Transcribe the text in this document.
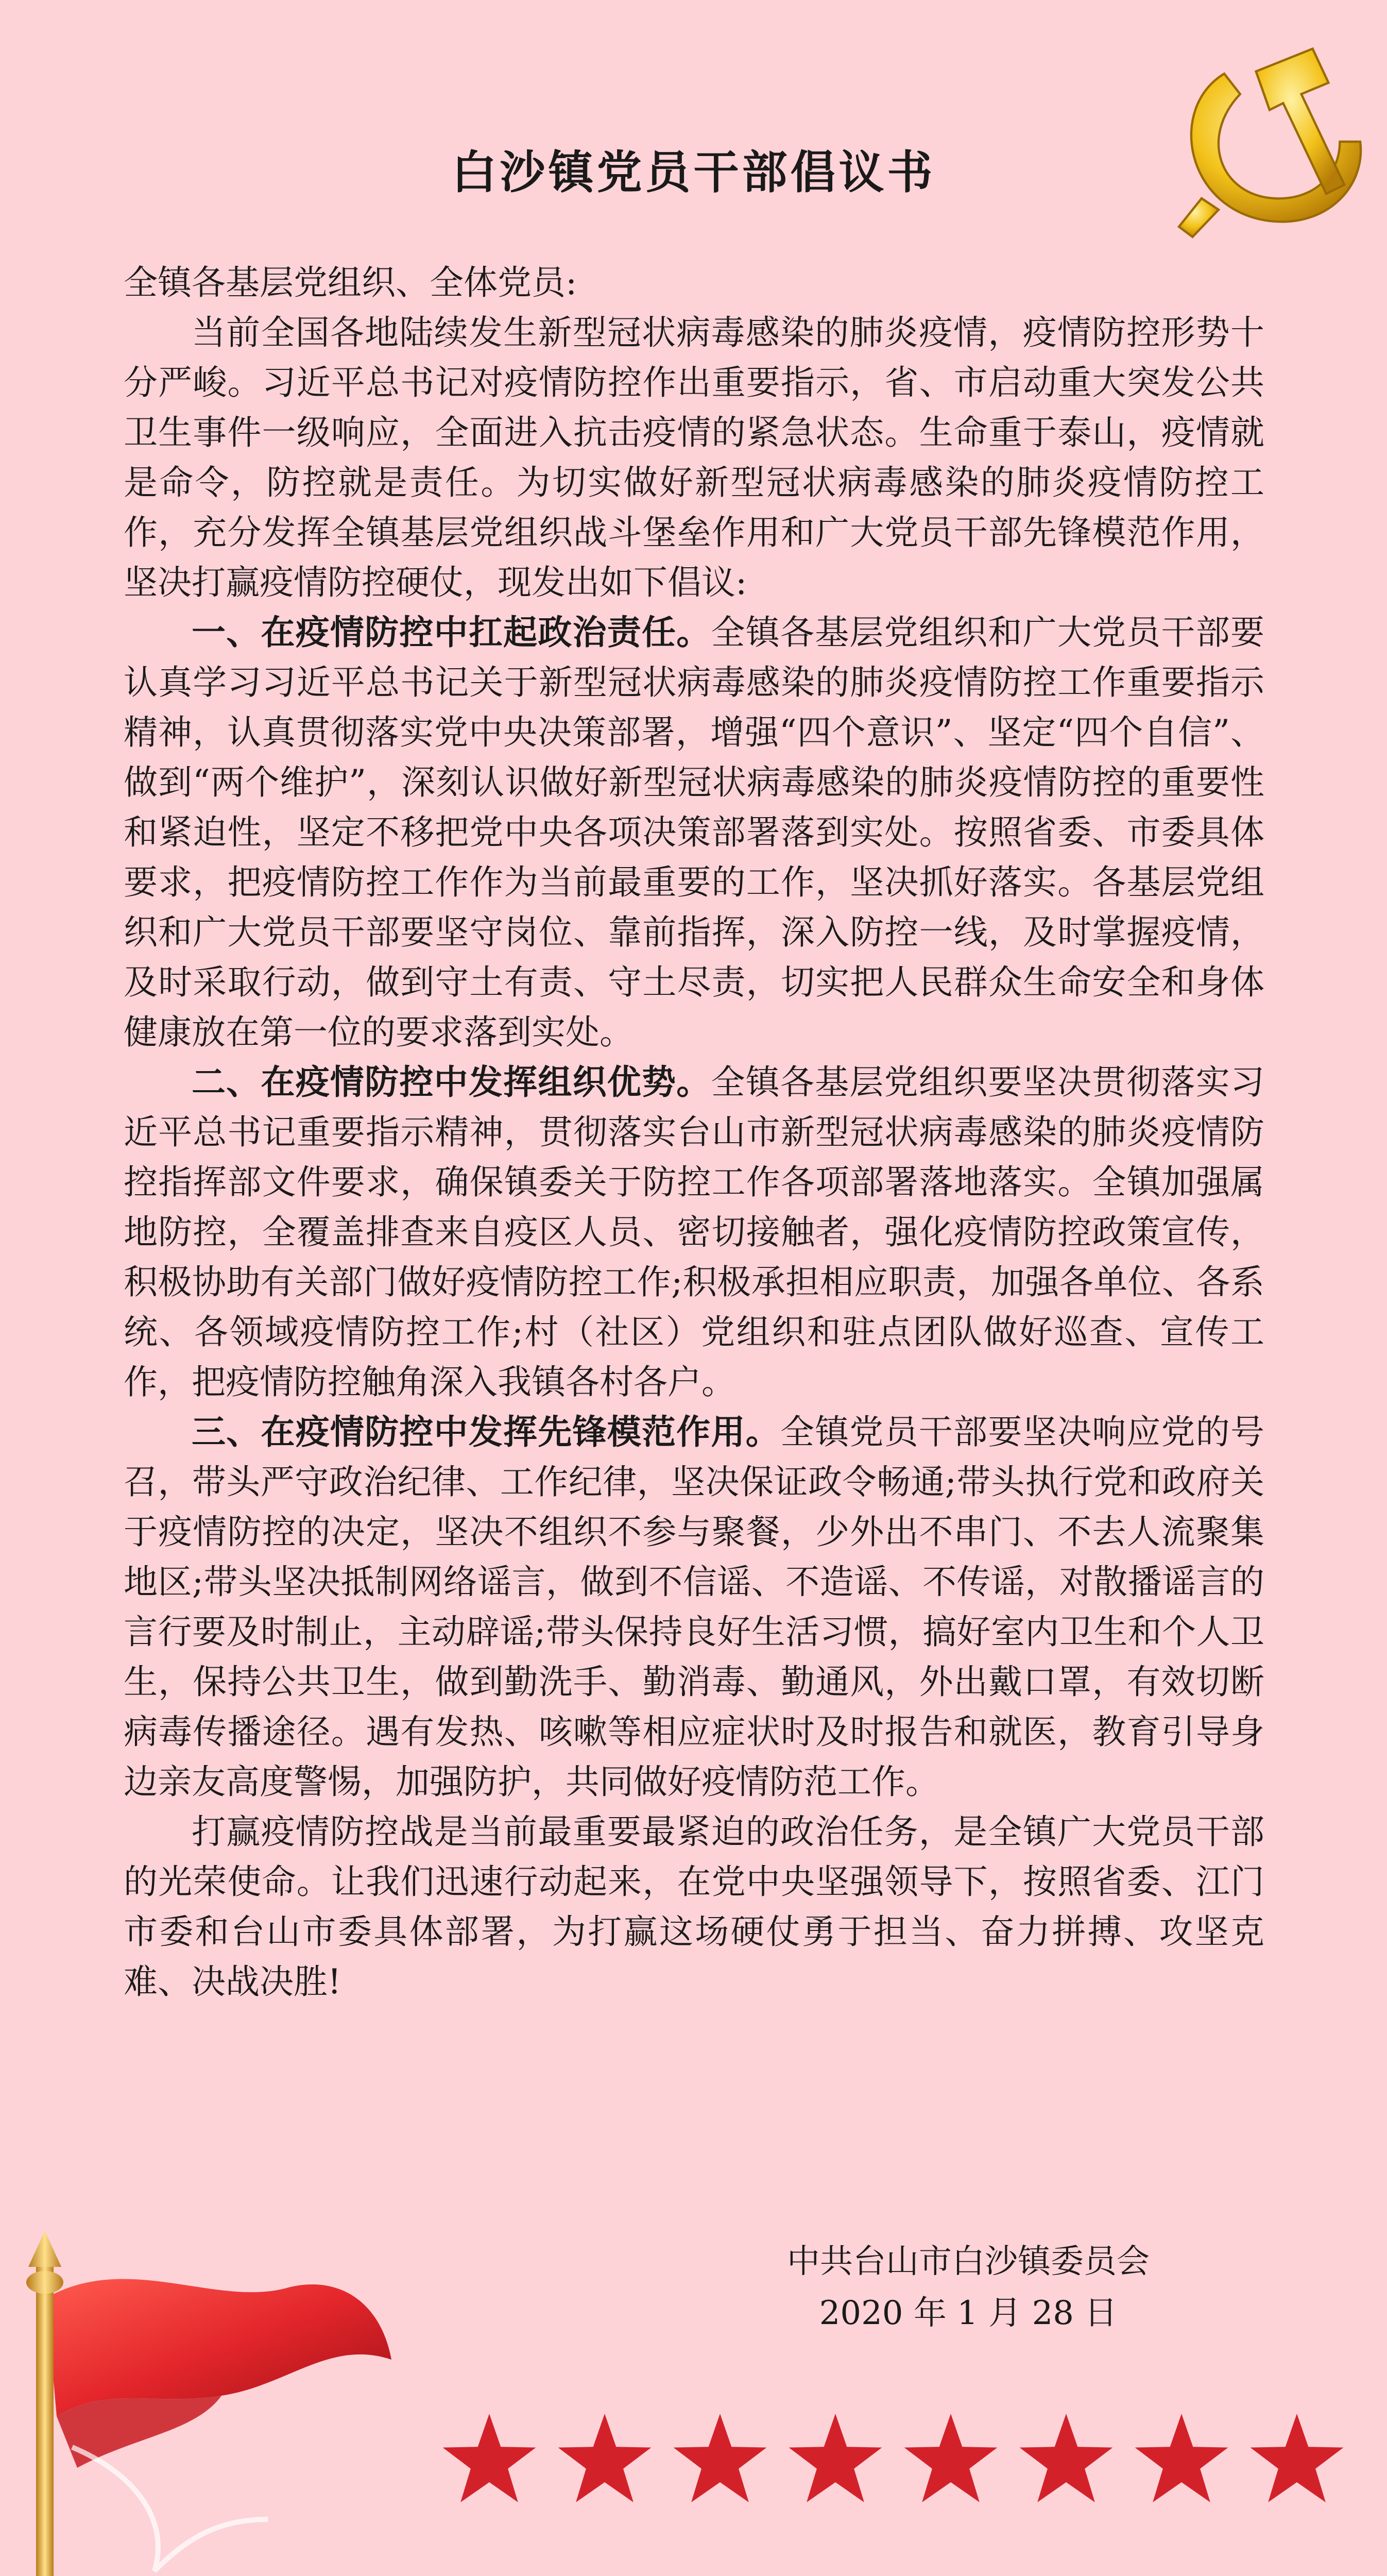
白沙镇党员干部倡议书

全镇各基层党组织、全体党员:

当前全国各地陆续发生新型冠状病毒感染的肺炎疫情，疫情防控形势十分严峻。习近平总书记对疫情防控作出重要指示，省、市启动重大突发公共卫生事件一级响应，全面进入抗击疫情的紧急状态。生命重于泰山，疫情就是命令，防控就是责任。为切实做好新型冠状病毒感染的肺炎疫情防控工作，充分发挥全镇基层党组织战斗堡垒作用和广大党员干部先锋模范作用，坚决打赢疫情防控硬仗，现发出如下倡议:

一、在疫情防控中扛起政治责任。全镇各基层党组织和广大党员干部要认真学习习近平总书记关于新型冠状病毒感染的肺炎疫情防控工作重要指示精神，认真贯彻落实党中央决策部署，增强“四个意识”、坚定“四个自信”、做到“两个维护”，深刻认识做好新型冠状病毒感染的肺炎疫情防控的重要性和紧迫性，坚定不移把党中央各项决策部署落到实处。按照省委、市委具体要求，把疫情防控工作作为当前最重要的工作，坚决抓好落实。各基层党组织和广大党员干部要坚守岗位、靠前指挥，深入防控一线，及时掌握疫情，及时采取行动，做到守土有责、守土尽责，切实把人民群众生命安全和身体健康放在第一位的要求落到实处。

二、在疫情防控中发挥组织优势。全镇各基层党组织要坚决贯彻落实习近平总书记重要指示精神，贯彻落实台山市新型冠状病毒感染的肺炎疫情防控指挥部文件要求，确保镇委关于防控工作各项部署落地落实。全镇加强属地防控，全覆盖排查来自疫区人员、密切接触者，强化疫情防控政策宣传，积极协助有关部门做好疫情防控工作;积极承担相应职责，加强各单位、各系统、各领域疫情防控工作;村（社区）党组织和驻点团队做好巡查、宣传工作，把疫情防控触角深入我镇各村各户。

三、在疫情防控中发挥先锋模范作用。全镇党员干部要坚决响应党的号召，带头严守政治纪律、工作纪律，坚决保证政令畅通;带头执行党和政府关于疫情防控的决定，坚决不组织不参与聚餐，少外出不串门、不去人流聚集地区;带头坚决抵制网络谣言，做到不信谣、不造谣、不传谣，对散播谣言的言行要及时制止，主动辟谣;带头保持良好生活习惯，搞好室内卫生和个人卫生，保持公共卫生，做到勤洗手、勤消毒、勤通风，外出戴口罩，有效切断病毒传播途径。遇有发热、咳嗽等相应症状时及时报告和就医，教育引导身边亲友高度警惕，加强防护，共同做好疫情防范工作。

打赢疫情防控战是当前最重要最紧迫的政治任务，是全镇广大党员干部的光荣使命。让我们迅速行动起来，在党中央坚强领导下，按照省委、江门市委和台山市委具体部署，为打赢这场硬仗勇于担当、奋力拼搏、攻坚克难、决战决胜!

中共台山市白沙镇委员会
2020 年 1 月 28 日
